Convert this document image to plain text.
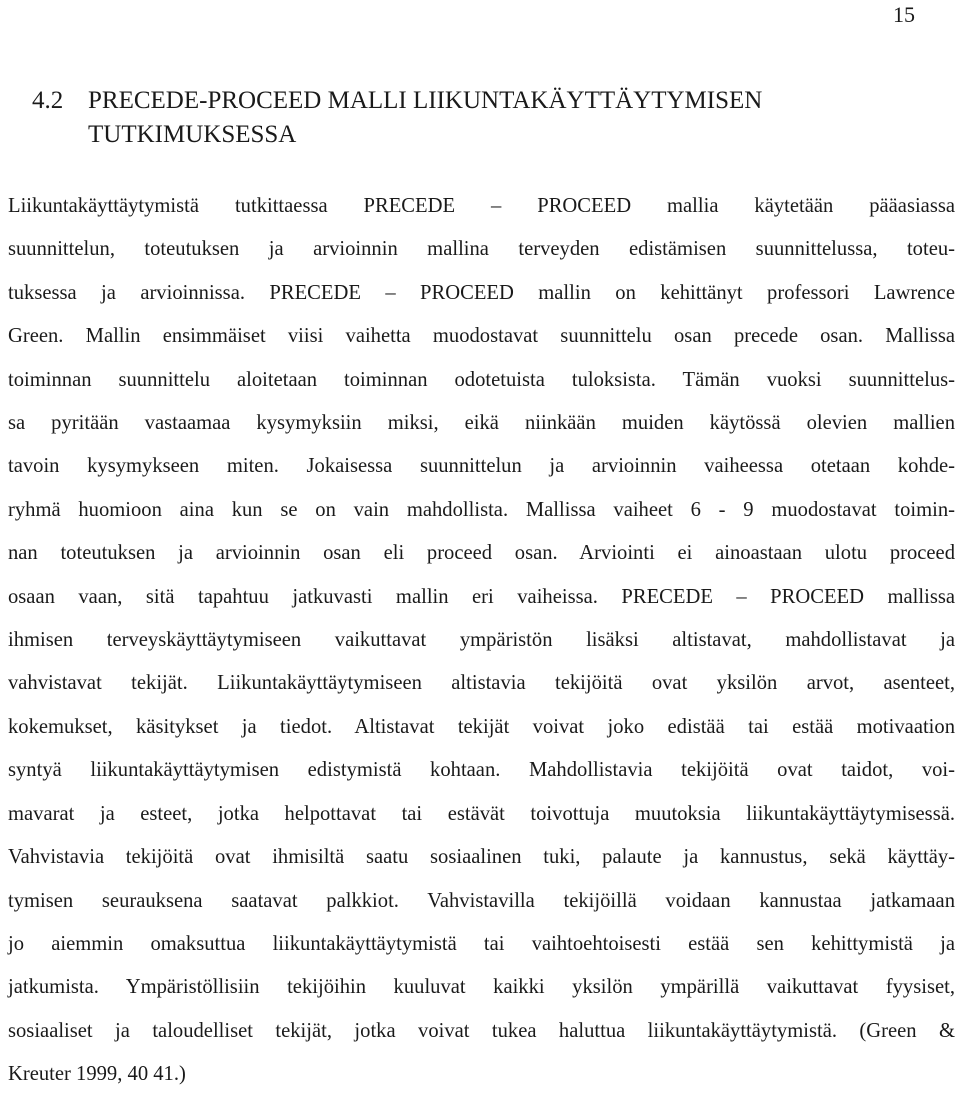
15
4.2 PRECEDE-PROCEED MALLI LIIKUNTAKÄYTTÄYTYMISEN
TUTKIMUKSESSA
Liikuntakäyttäytymistä tutkittaessa PRECEDE – PROCEED mallia käytetään pääasiassa
suunnittelun, toteutuksen ja arvioinnin mallina terveyden edistämisen suunnittelussa, toteu-
tuksessa ja arvioinnissa. PRECEDE – PROCEED mallin on kehittänyt professori Lawrence
Green. Mallin ensimmäiset viisi vaihetta muodostavat suunnittelu osan precede osan. Mallissa
toiminnan suunnittelu aloitetaan toiminnan odotetuista tuloksista. Tämän vuoksi suunnittelus-
sa pyritään vastaamaa kysymyksiin miksi, eikä niinkään muiden käytössä olevien mallien
tavoin kysymykseen miten. Jokaisessa suunnittelun ja arvioinnin vaiheessa otetaan kohde-
ryhmä huomioon aina kun se on vain mahdollista. Mallissa vaiheet 6 - 9 muodostavat toimin-
nan toteutuksen ja arvioinnin osan eli proceed osan. Arviointi ei ainoastaan ulotu proceed
osaan vaan, sitä tapahtuu jatkuvasti mallin eri vaiheissa. PRECEDE – PROCEED mallissa
ihmisen terveyskäyttäytymiseen vaikuttavat ympäristön lisäksi altistavat, mahdollistavat ja
vahvistavat tekijät. Liikuntakäyttäytymiseen altistavia tekijöitä ovat yksilön arvot, asenteet,
kokemukset, käsitykset ja tiedot. Altistavat tekijät voivat joko edistää tai estää motivaation
syntyä liikuntakäyttäytymisen edistymistä kohtaan. Mahdollistavia tekijöitä ovat taidot, voi-
mavarat ja esteet, jotka helpottavat tai estävät toivottuja muutoksia liikuntakäyttäytymisessä.
Vahvistavia tekijöitä ovat ihmisiltä saatu sosiaalinen tuki, palaute ja kannustus, sekä käyttäy-
tymisen seurauksena saatavat palkkiot. Vahvistavilla tekijöillä voidaan kannustaa jatkamaan
jo aiemmin omaksuttua liikuntakäyttäytymistä tai vaihtoehtoisesti estää sen kehittymistä ja
jatkumista. Ympäristöllisiin tekijöihin kuuluvat kaikki yksilön ympärillä vaikuttavat fyysiset,
sosiaaliset ja taloudelliset tekijät, jotka voivat tukea haluttua liikuntakäyttäytymistä. (Green &
Kreuter 1999, 40 41.)
